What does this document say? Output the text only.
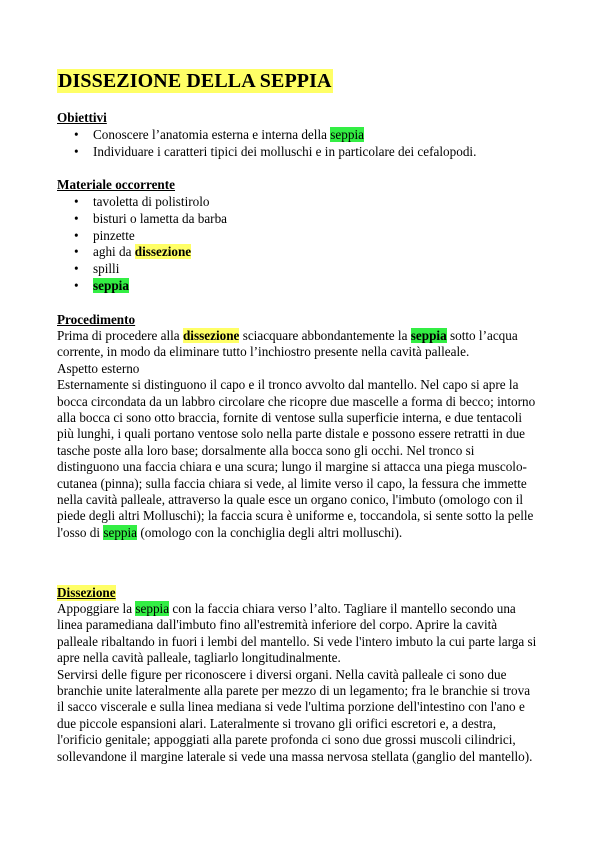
DISSEZIONE DELLA SEPPIA
Obiettivi
• Conoscere l’anatomia esterna e interna della seppia
• Individuare i caratteri tipici dei molluschi e in particolare dei cefalopodi.
Materiale occorrente
• tavoletta di polistirolo
• bisturi o lametta da barba
• pinzette
• aghi da dissezione
• spilli
• seppia
Procedimento

Prima di procedere alla dissezione sciacquare abbondantemente la seppia sotto l’acqua corrente, in modo da eliminare tutto l’inchiostro presente nella cavità palleale.

Aspetto esterno

Esternamente si distinguono il capo e il tronco avvolto dal mantello. Nel capo si apre la bocca circondata da un labbro circolare che ricopre due mascelle a forma di becco; intorno alla bocca ci sono otto braccia, fornite di ventose sulla superficie interna, e due tentacoli più lunghi, i quali portano ventose solo nella parte distale e possono essere retratti in due tasche poste alla loro base; dorsalmente alla bocca sono gli occhi. Nel tronco si distinguono una faccia chiara e una scura; lungo il margine si attacca una piega muscolo-cutanea (pinna); sulla faccia chiara si vede, al limite verso il capo, la fessura che immette nella cavità palleale, attraverso la quale esce un organo conico, l'imbuto (omologo con il piede degli altri Molluschi); la faccia scura è uniforme e, toccandola, si sente sotto la pelle l'osso di seppia (omologo con la conchiglia degli altri molluschi).

Dissezione

Appoggiare la seppia con la faccia chiara verso l’alto. Tagliare il mantello secondo una linea paramediana dall'imbuto fino all'estremità inferiore del corpo. Aprire la cavità palleale ribaltando in fuori i lembi del mantello. Si vede l'intero imbuto la cui parte larga si apre nella cavità palleale, tagliarlo longitudinalmente.

Servirsi delle figure per riconoscere i diversi organi. Nella cavità palleale ci sono due branchie unite lateralmente alla parete per mezzo di un legamento; fra le branchie si trova il sacco viscerale e sulla linea mediana si vede l'ultima porzione dell'intestino con l'ano e due piccole espansioni alari. Lateralmente si trovano gli orifici escretori e, a destra, l'orificio genitale; appoggiati alla parete profonda ci sono due grossi muscoli cilindrici, sollevandone il margine laterale si vede una massa nervosa stellata (ganglio del mantello).
